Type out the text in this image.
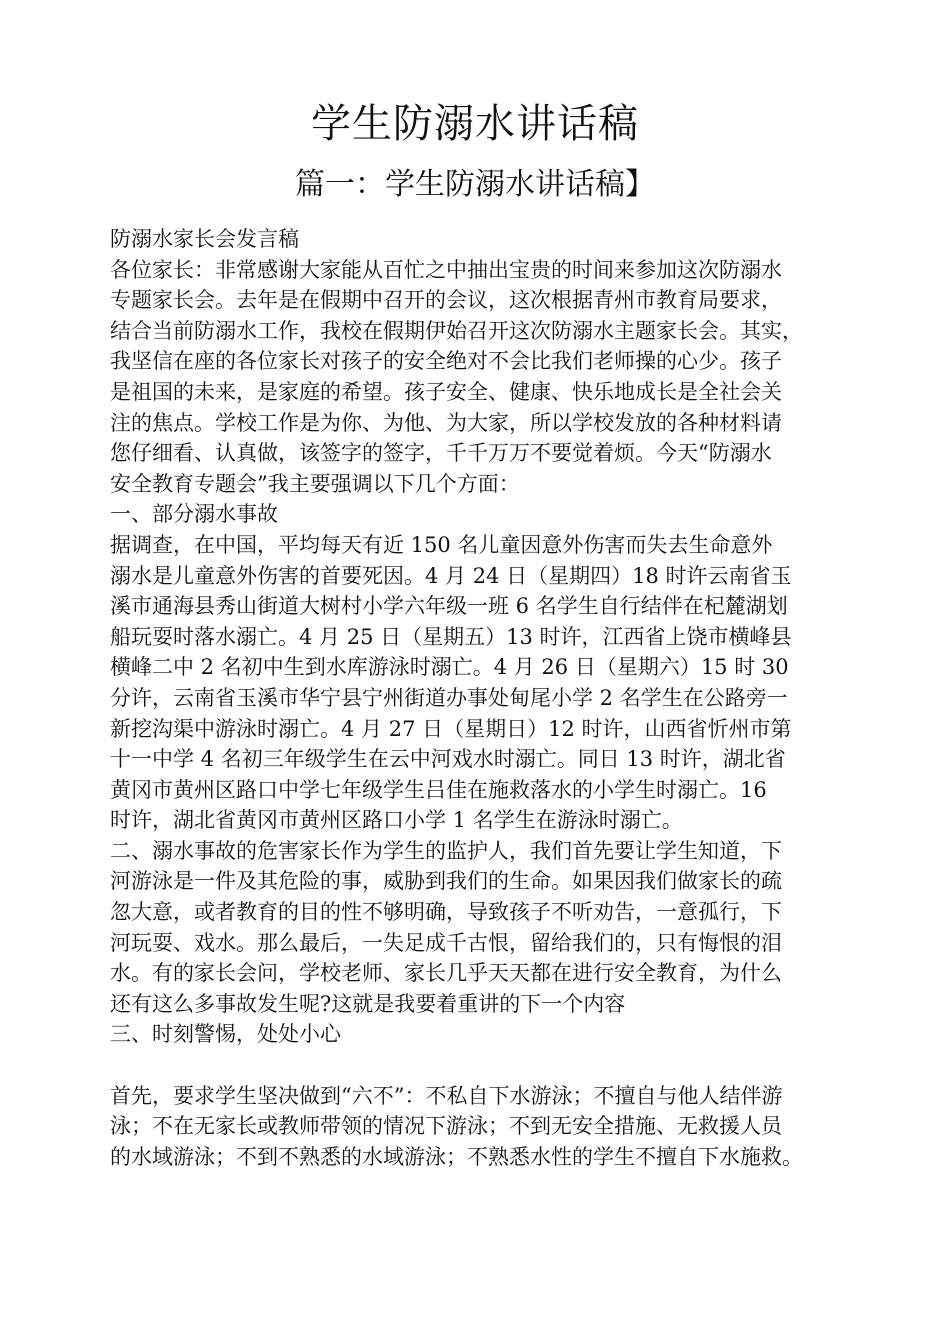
学生防溺水讲话稿
篇一：学生防溺水讲话稿】
防溺水家长会发言稿
各位家长：非常感谢大家能从百忙之中抽出宝贵的时间来参加这次防溺水
专题家长会。去年是在假期中召开的会议，这次根据青州市教育局要求，
结合当前防溺水工作，我校在假期伊始召开这次防溺水主题家长会。其实，
我坚信在座的各位家长对孩子的安全绝对不会比我们老师操的心少。孩子
是祖国的未来，是家庭的希望。孩子安全、健康、快乐地成长是全社会关
注的焦点。学校工作是为你、为他、为大家，所以学校发放的各种材料请
您仔细看、认真做，该签字的签字，千千万万不要觉着烦。今天“防溺水
安全教育专题会”我主要强调以下几个方面：
一、部分溺水事故
据调查，在中国，平均每天有近 150 名儿童因意外伤害而失去生命意外
溺水是儿童意外伤害的首要死因。4 月 24 日（星期四）18 时许云南省玉
溪市通海县秀山街道大树村小学六年级一班 6 名学生自行结伴在杞麓湖划
船玩耍时落水溺亡。4 月 25 日（星期五）13 时许，江西省上饶市横峰县
横峰二中 2 名初中生到水库游泳时溺亡。4 月 26 日（星期六）15 时 30
分许，云南省玉溪市华宁县宁州街道办事处甸尾小学 2 名学生在公路旁一
新挖沟渠中游泳时溺亡。4 月 27 日（星期日）12 时许，山西省忻州市第
十一中学 4 名初三年级学生在云中河戏水时溺亡。同日 13 时许，湖北省
黄冈市黄州区路口中学七年级学生吕佳在施救落水的小学生时溺亡。16
时许，湖北省黄冈市黄州区路口小学 1 名学生在游泳时溺亡。
二、溺水事故的危害家长作为学生的监护人，我们首先要让学生知道，下
河游泳是一件及其危险的事，威胁到我们的生命。如果因我们做家长的疏
忽大意，或者教育的目的性不够明确，导致孩子不听劝告，一意孤行，下
河玩耍、戏水。那么最后，一失足成千古恨，留给我们的，只有悔恨的泪
水。有的家长会问，学校老师、家长几乎天天都在进行安全教育，为什么
还有这么多事故发生呢?这就是我要着重讲的下一个内容
三、时刻警惕，处处小心
首先，要求学生坚决做到“六不”：不私自下水游泳；不擅自与他人结伴游
泳；不在无家长或教师带领的情况下游泳；不到无安全措施、无救援人员
的水域游泳；不到不熟悉的水域游泳；不熟悉水性的学生不擅自下水施救。
